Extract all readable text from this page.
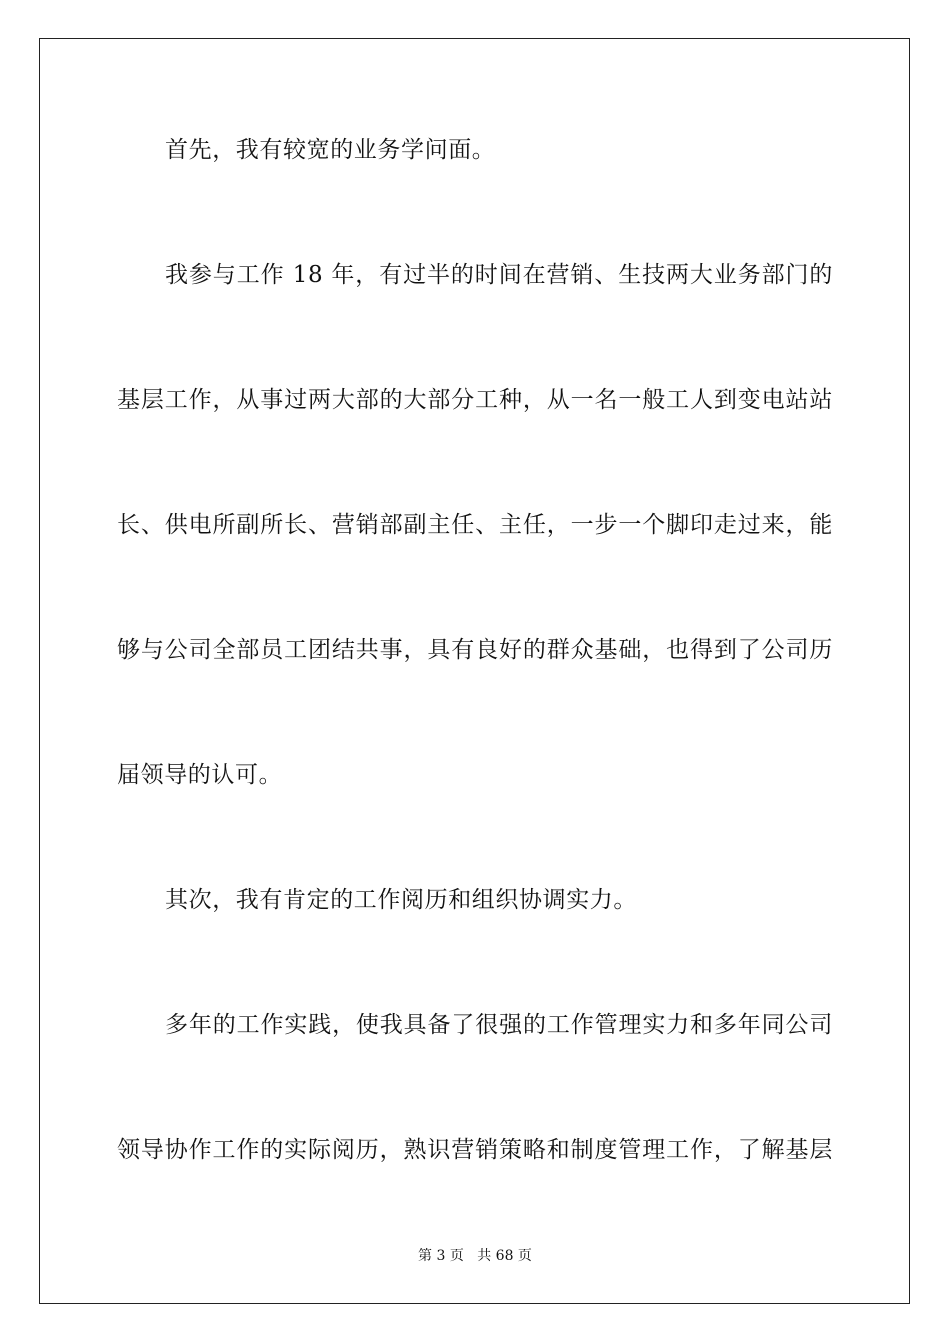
首先，我有较宽的业务学问面。
我参与工作 18 年，有过半的时间在营销、生技两大业务部门的
基层工作，从事过两大部的大部分工种，从一名一般工人到变电站站
长、供电所副所长、营销部副主任、主任，一步一个脚印走过来，能
够与公司全部员工团结共事，具有良好的群众基础，也得到了公司历
届领导的认可。
其次，我有肯定的工作阅历和组织协调实力。
多年的工作实践，使我具备了很强的工作管理实力和多年同公司
领导协作工作的实际阅历，熟识营销策略和制度管理工作，了解基层
第 3 页 共 68 页
